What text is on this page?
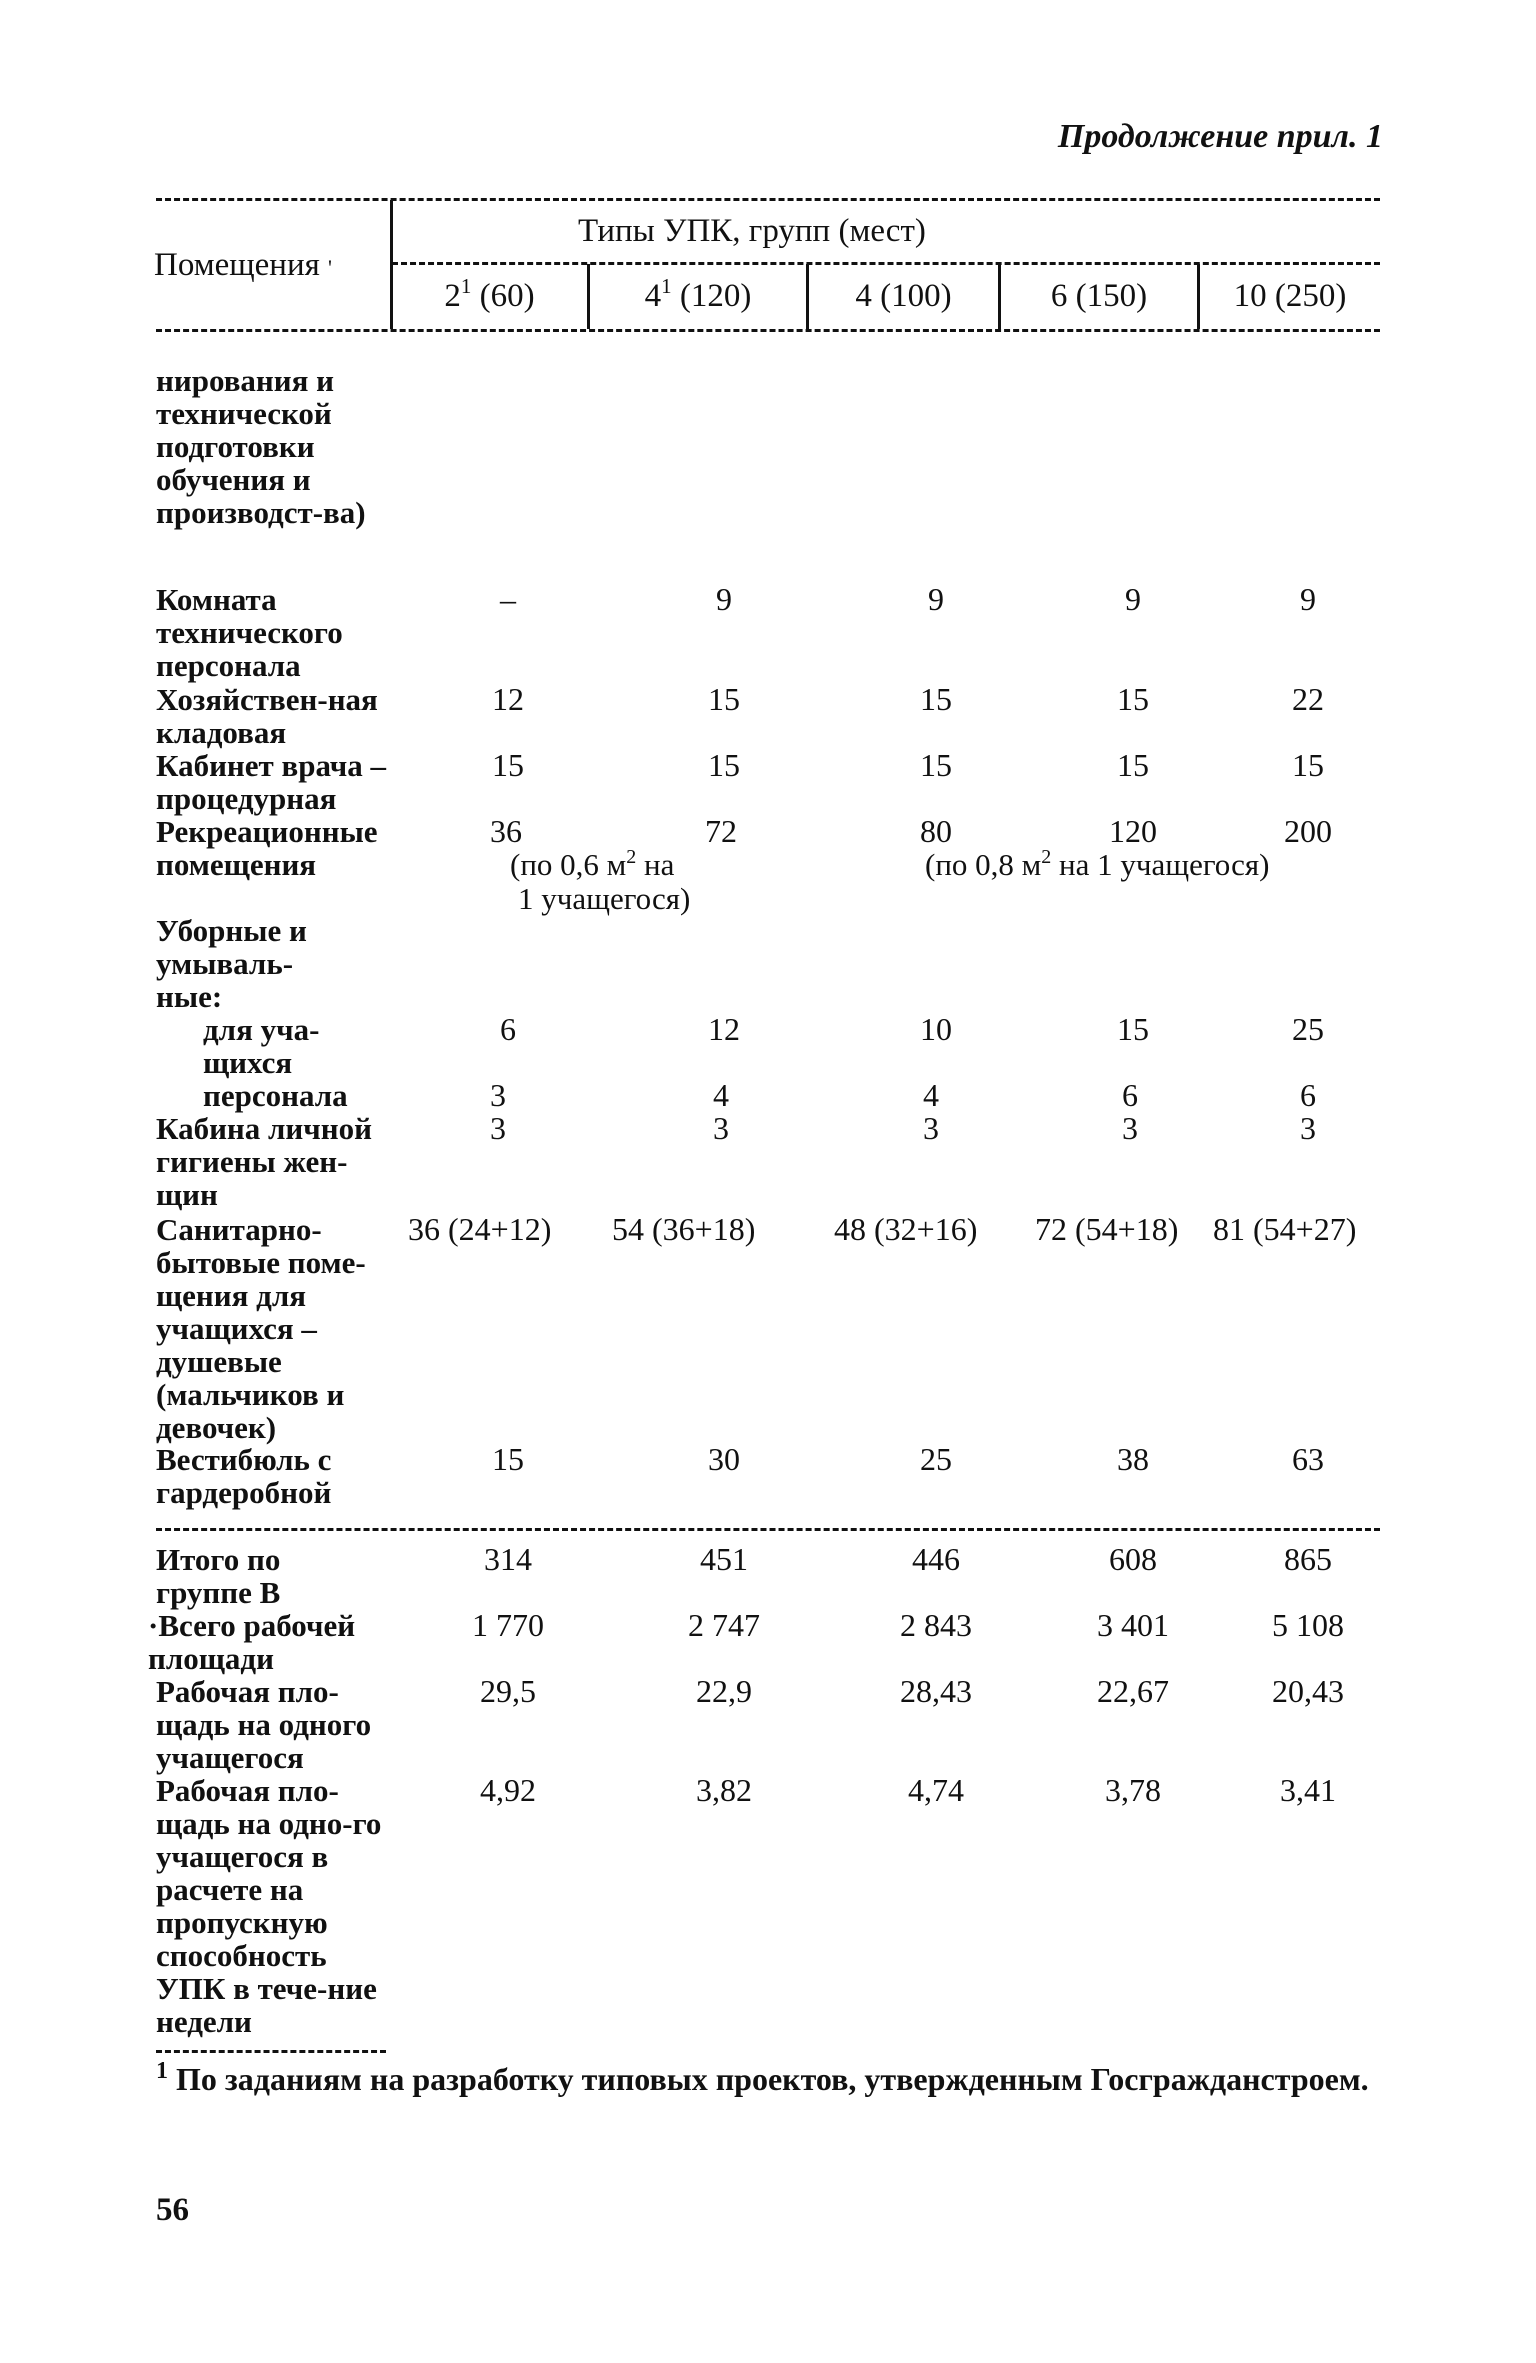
Продолжение прил. 1
Помещения '
Типы УПК, групп (мест)
$2^1$ (60)	$4^1$ (120)	4 (100)	6 (150)	10 (250)
нирования и технической подготовки обучения и производст-ва)
Комната технического персонала
–	9	9	9	9
Хозяйствен-ная кладовая
12	15	15	15	22
Кабинет врача – процедурная
15	15	15	15	15
Рекреационные помещения
36	72	80	120	200
(по 0,6 $м^2$ на
1 учащегося)
(по 0,8 $м^2$ на 1 учащегося)
Уборные и умываль-ные:
для уча-щихся
6	12	10	15	25
персонала	3	4	4	6	6
Кабина личной гигиены жен-щин
3	3	3	3	3
Санитарно-бытовые поме-щения для учащихся – душевые (мальчиков и девочек)
36 (24+12)	54 (36+18)	48 (32+16)	72 (54+18)	81 (54+27)
Вестибюль с гардеробной
15	30	25	38	63
Итого по группе В
314	451	446	608	865
·Всего рабочей площади
1 770	2 747	2 843	3 401	5 108
Рабочая пло-щадь на одного учащегося
29,5	22,9	28,43	22,67	20,43
Рабочая пло-щадь на одно-го учащегося в расчете на пропускную способность УПК в тече-ние недели
4,92	3,82	4,74	3,78	3,41
$^1$ По заданиям на разработку типовых проектов, утвержденным Госгражданстроем.
56
